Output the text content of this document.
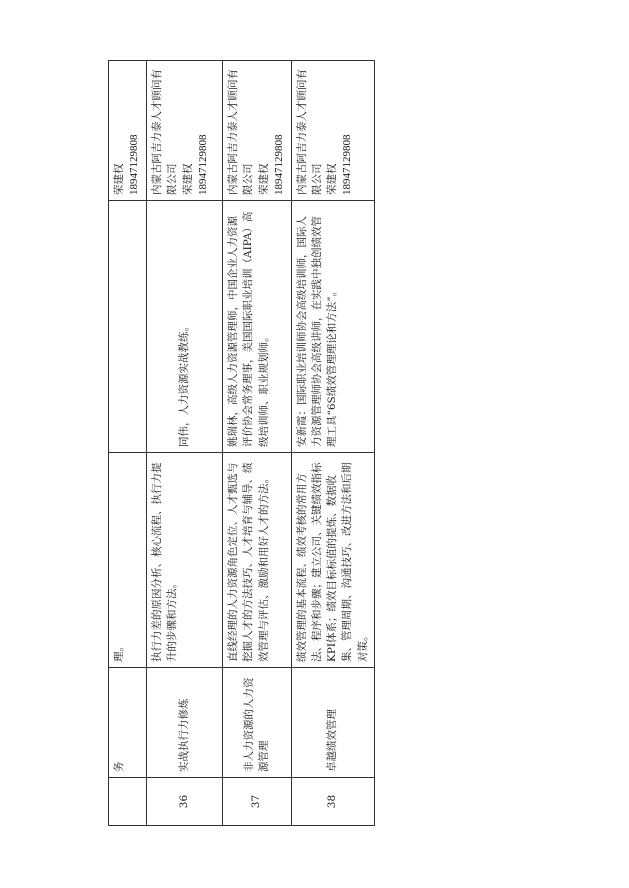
	务	理。		荣建权 18947129808

36	实战执行力修炼	执行力差的原因分析、核心流程、执行力提升的步骤和方法。	同伟，人力资源实战教练。	内蒙古阿吉力泰人才顾问有限公司 荣建权 18947129808

37	非人力资源的人力资源管理	直线经理的人力资源角色定位、人才甄选与挖掘人才的方法技巧、人才培育与辅导、绩效管理与评估、激励和用好人才的方法。	姚瑞林，高级人力资源管理师，中国企业人力资源评价协会常务理事，美国国际职业培训（AIPA）高级培训师、职业规划师。	内蒙古阿吉力泰人才顾问有限公司 荣建权 18947129808

38	卓越绩效管理	绩效管理的基本流程、绩效考核的常用方法、程序和步骤；建立公司、关键绩效指标KPI体系；绩效目标标值的提炼、数据收集、管理周期、沟通技巧、改进方法和后期对策。	安新霞：国际职业培训师协会高级培训师，国际人力资源管理师协会高级讲师，在实践中独创绩效管理工具“6S绩效管理理论和方法”。	内蒙古阿吉力泰人才顾问有限公司 荣建权 18947129808
